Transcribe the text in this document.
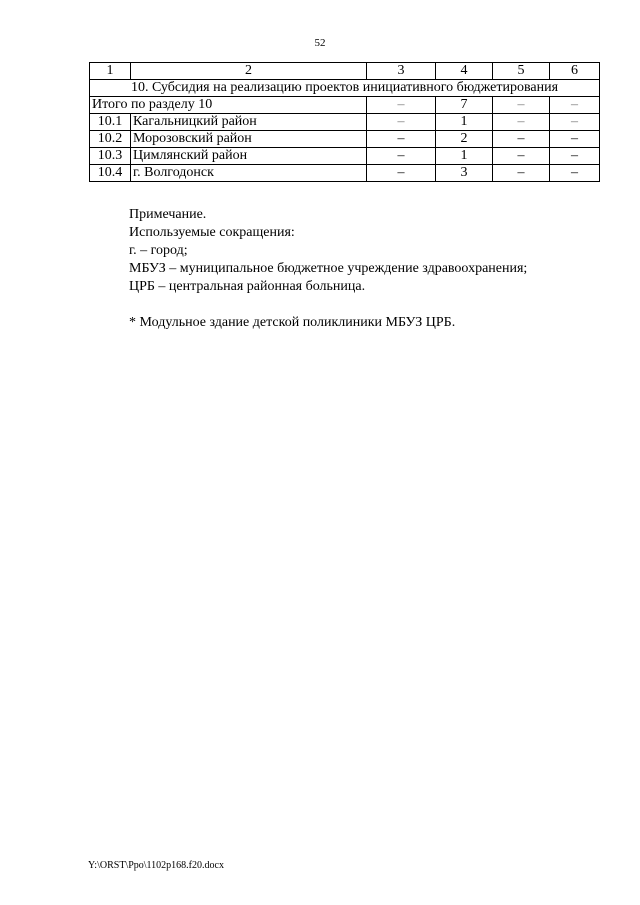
52
1	2	3	4	5	6
10. Субсидия на реализацию проектов инициативного бюджетирования					
Итого по разделу 10		–	7	–	–
10.1	Кагальницкий район	–	1	–	–
10.2	Морозовский район	–	2	–	–
10.3	Цимлянский район	–	1	–	–
10.4	г. Волгодонск	–	3	–	–
Примечание.
Используемые сокращения:
г. – город;
МБУЗ – муниципальное бюджетное учреждение здравоохранения;
ЦРБ – центральная районная больница.
* Модульное здание детской поликлиники МБУЗ ЦРБ.
Y:\ORST\Ppo\1102p168.f20.docx
